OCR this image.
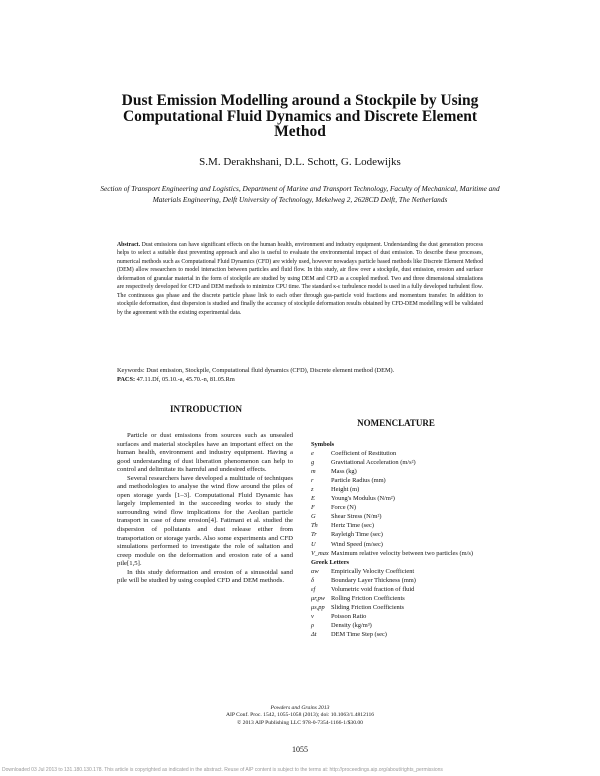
Dust Emission Modelling around a Stockpile by Using Computational Fluid Dynamics and Discrete Element Method
S.M. Derakhshani, D.L. Schott, G. Lodewijks
Section of Transport Engineering and Logistics, Department of Marine and Transport Technology, Faculty of Mechanical, Maritime and Materials Engineering, Delft University of Technology, Mekelweg 2, 2628CD Delft, The Netherlands
Abstract. Dust emissions can have significant effects on the human health, environment and industry equipment. Understanding the dust generation process helps to select a suitable dust preventing approach and also is useful to evaluate the environmental impact of dust emission. To describe these processes, numerical methods such as Computational Fluid Dynamics (CFD) are widely used, however nowadays particle based methods like Discrete Element Method (DEM) allow researchers to model interaction between particles and fluid flow. In this study, air flow over a stockpile, dust emission, erosion and surface deformation of granular material in the form of stockpile are studied by using DEM and CFD as a coupled method. Two and three dimensional simulations are respectively developed for CFD and DEM methods to minimize CPU time. The standard κ-ε turbulence model is used in a fully developed turbulent flow. The continuous gas phase and the discrete particle phase link to each other through gas-particle void fractions and momentum transfer. In addition to stockpile deformation, dust dispersion is studied and finally the accuracy of stockpile deformation results obtained by CFD-DEM modelling will be validated by the agreement with the existing experimental data.
Keywords: Dust emission, Stockpile, Computational fluid dynamics (CFD), Discrete element method (DEM).
PACS: 47.11.Df, 05.10.-a, 45.70.-n, 81.05.Rm
INTRODUCTION

Particle or dust emissions from sources such as unsealed surfaces and material stockpiles have an important effect on the human health, environment and industry equipment. Having a good understanding of dust liberation phenomenon can help to control and delimitate its harmful and undesired effects.

Several researchers have developed a multitude of techniques and methodologies to analyse the wind flow around the piles of open storage yards [1–3]. Computational Fluid Dynamic has largely implemented in the succeeding works to study the surrounding wind flow implications for the Aeolian particle transport in case of dune erosion[4]. Fatimani et al. studied the dispersion of pollutants and dust release either from transportation or storage yards. Also some experiments and CFD simulations performed to investigate the role of saltation and creep module on the deformation and erosion rate of a sand pile[1,5].

In this study deformation and erosion of a sinusoidal sand pile will be studied by using coupled CFD and DEM methods.

NOMENCLATURE
Symbols
e	Coefficient of Restitution
g	Gravitational Acceleration (m/s²)
m	Mass (kg)
r	Particle Radius (mm)
z	Height (m)
E	Young's Modulus (N/m²)
F	Force (N)
G	Shear Stress (N/m²)
Th	Hertz Time (sec)
Tr	Rayleigh Time (sec)
U	Wind Speed (m/sec)
V_max Maximum relative velocity between two particles (m/s)
Greek Letters
αw	Empirically Velocity Coefficient
δ	Boundary Layer Thickness (mm)
εf	Volumetric void fraction of fluid
μr,pw Rolling Friction Coefficients
μs,pp Sliding Friction Coefficients
ν	Poisson Ratio
ρ	Density (kg/m³)
Δt	DEM Time Step (sec)
Powders and Grains 2013
AIP Conf. Proc. 1542, 1055-1058 (2013); doi: 10.1063/1.4812116
© 2013 AIP Publishing LLC 978-0-7354-1166-1/$30.00
1055
Downloaded 03 Jul 2013 to 131.180.130.178. This article is copyrighted as indicated in the abstract. Reuse of AIP content is subject to the terms at: http://proceedings.aip.org/about/rights_permissions
